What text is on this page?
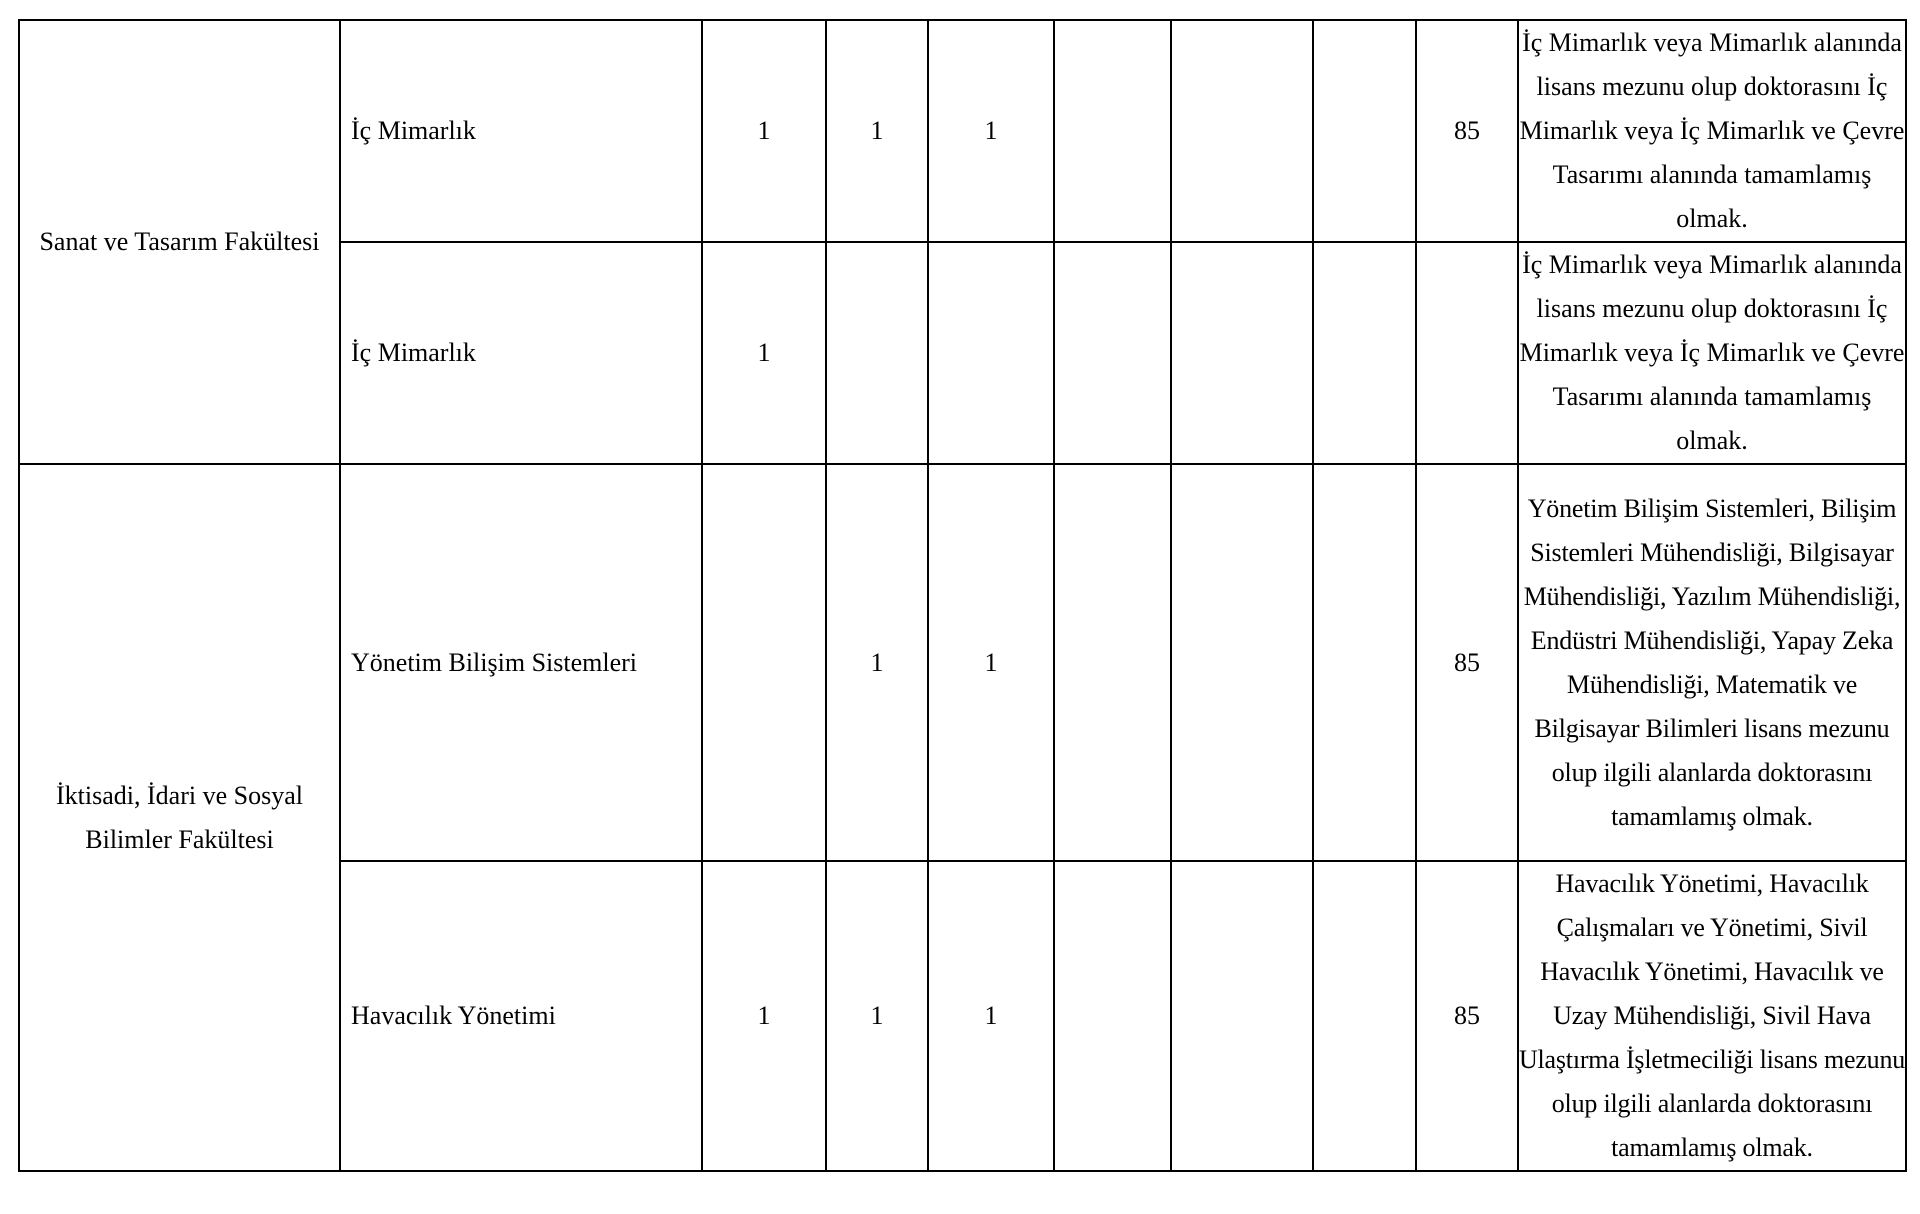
Sanat ve Tasarım Fakültesi	İç Mimarlık	1	1	1				85	İç Mimarlık veya Mimarlık alanında lisans mezunu olup doktorasını İç Mimarlık veya İç Mimarlık ve Çevre Tasarımı alanında tamamlamış olmak.

	İç Mimarlık	1							İç Mimarlık veya Mimarlık alanında lisans mezunu olup doktorasını İç Mimarlık veya İç Mimarlık ve Çevre Tasarımı alanında tamamlamış olmak.

İktisadi, İdari ve Sosyal Bilimler Fakültesi	Yönetim Bilişim Sistemleri		1	1				85	Yönetim Bilişim Sistemleri, Bilişim Sistemleri Mühendisliği, Bilgisayar Mühendisliği, Yazılım Mühendisliği, Endüstri Mühendisliği, Yapay Zeka Mühendisliği, Matematik ve Bilgisayar Bilimleri lisans mezunu olup ilgili alanlarda doktorasını tamamlamış olmak.

	Havacılık Yönetimi	1	1	1				85	Havacılık Yönetimi, Havacılık Çalışmaları ve Yönetimi, Sivil Havacılık Yönetimi, Havacılık ve Uzay Mühendisliği, Sivil Hava Ulaştırma İşletmeciliği lisans mezunu olup ilgili alanlarda doktorasını tamamlamış olmak.
